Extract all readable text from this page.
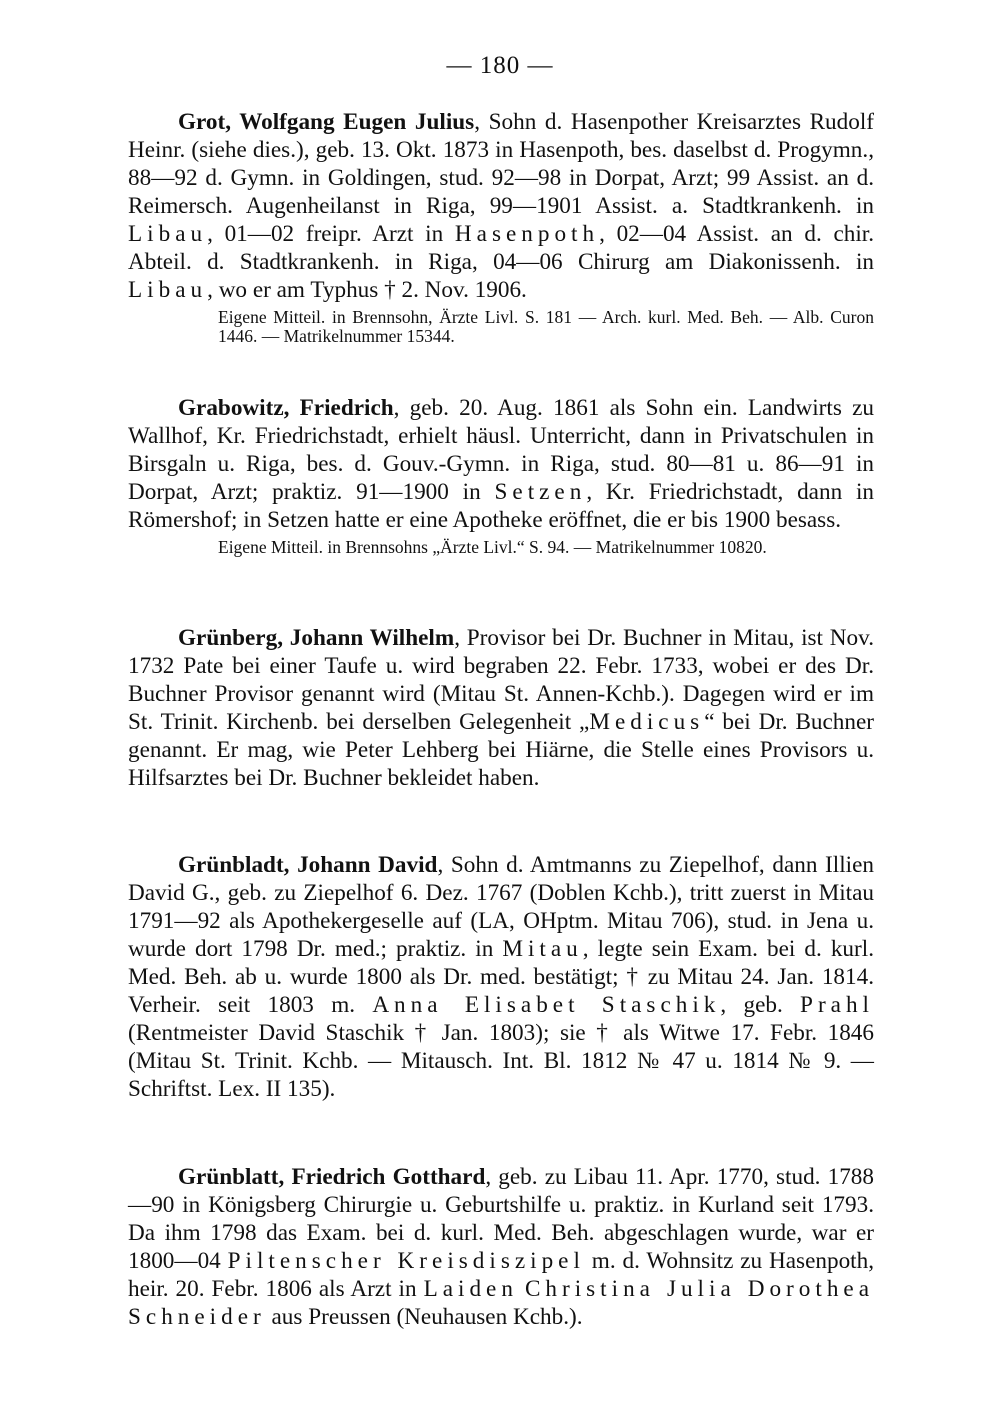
— 180 —

Grot, Wolfgang Eugen Julius, Sohn d. Hasenpother Kreisarztes Rudolf Heinr. (siehe dies.), geb. 13. Okt. 1873 in Hasenpoth, bes. daselbst d. Progymn., 88—92 d. Gymn. in Goldingen, stud. 92—98 in Dorpat, Arzt; 99 Assist. an d. Reimersch. Augenheilanst in Riga, 99—1901 Assist. a. Stadtkrankenh. in Libau, 01—02 freipr. Arzt in Hasenpoth, 02—04 Assist. an d. chir. Abteil. d. Stadtkrankenh. in Riga, 04—06 Chirurg am Diakonissenh. in Libau, wo er am Typhus † 2. Nov. 1906.

Eigene Mitteil. in Brennsohn, Ärzte Livl. S. 181 — Arch. kurl. Med. Beh. — Alb. Curon 1446. — Matrikelnummer 15344.

Grabowitz, Friedrich, geb. 20. Aug. 1861 als Sohn ein. Landwirts zu Wallhof, Kr. Friedrichstadt, erhielt häusl. Unterricht, dann in Privatschulen in Birsgaln u. Riga, bes. d. Gouv.-Gymn. in Riga, stud. 80—81 u. 86—91 in Dorpat, Arzt; praktiz. 91—1900 in Setzen, Kr. Friedrichstadt, dann in Römershof; in Setzen hatte er eine Apotheke eröffnet, die er bis 1900 besass.

Eigene Mitteil. in Brennsohns „Ärzte Livl.“ S. 94. — Matrikelnummer 10820.

Grünberg, Johann Wilhelm, Provisor bei Dr. Buchner in Mitau, ist Nov. 1732 Pate bei einer Taufe u. wird begraben 22. Febr. 1733, wobei er des Dr. Buchner Provisor genannt wird (Mitau St. Annen-Kchb.). Dagegen wird er im St. Trinit. Kirchenb. bei derselben Gelegenheit „Medicus“ bei Dr. Buchner genannt. Er mag, wie Peter Lehberg bei Hiärne, die Stelle eines Provisors u. Hilfsarztes bei Dr. Buchner bekleidet haben.

Grünbladt, Johann David, Sohn d. Amtmanns zu Ziepelhof, dann Illien David G., geb. zu Ziepelhof 6. Dez. 1767 (Doblen Kchb.), tritt zuerst in Mitau 1791—92 als Apothekergeselle auf (LA, OHptm. Mitau 706), stud. in Jena u. wurde dort 1798 Dr. med.; praktiz. in Mitau, legte sein Exam. bei d. kurl. Med. Beh. ab u. wurde 1800 als Dr. med. bestätigt; † zu Mitau 24. Jan. 1814. Verheir. seit 1803 m. Anna Elisabet Staschik, geb. Prahl (Rentmeister David Staschik † Jan. 1803); sie † als Witwe 17. Febr. 1846 (Mitau St. Trinit. Kchb. — Mitausch. Int. Bl. 1812 № 47 u. 1814 № 9. — Schriftst. Lex. II 135).

Grünblatt, Friedrich Gotthard, geb. zu Libau 11. Apr. 1770, stud. 1788—90 in Königsberg Chirurgie u. Geburtshilfe u. praktiz. in Kurland seit 1793. Da ihm 1798 das Exam. bei d. kurl. Med. Beh. abgeschlagen wurde, war er 1800—04 Piltenscher Kreisdiszipel m. d. Wohnsitz zu Hasenpoth, heir. 20. Febr. 1806 als Arzt in Laiden Christina Julia Dorothea Schneider aus Preussen (Neuhausen Kchb.).
